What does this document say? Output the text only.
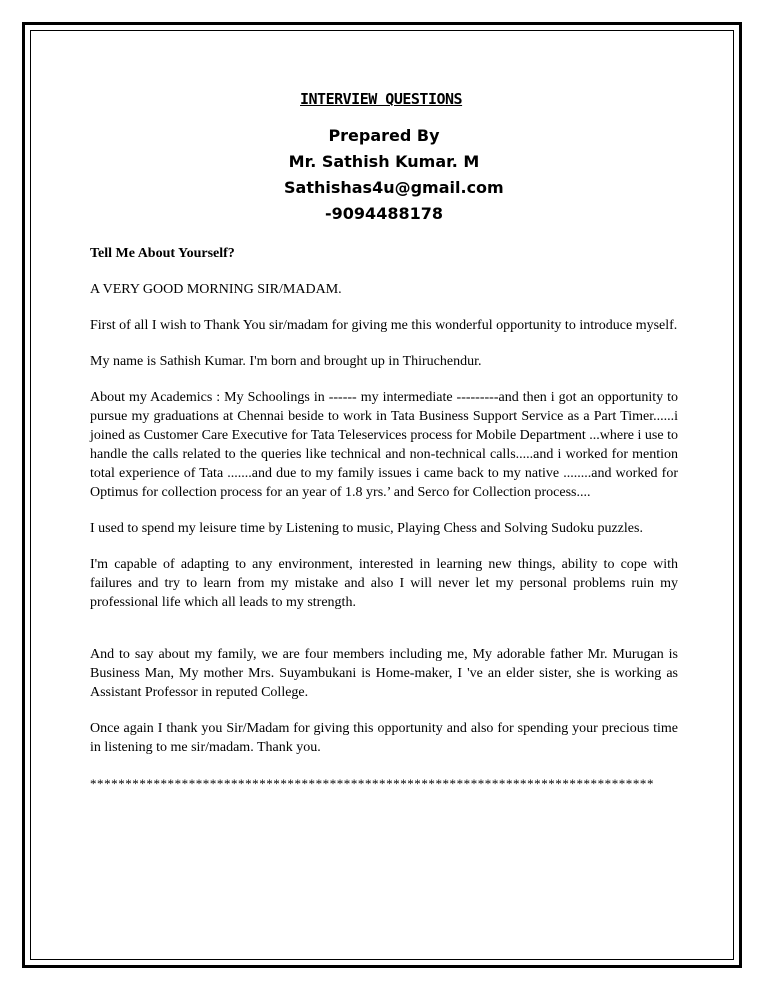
INTERVIEW QUESTIONS
Prepared By
Mr. Sathish Kumar. M
Sathishas4u@gmail.com
-9094488178

Tell Me About Yourself?

A VERY GOOD MORNING SIR/MADAM.

First of all I wish to Thank You sir/madam for giving me this wonderful opportunity to introduce myself.

My name is Sathish Kumar. I'm born and brought up in Thiruchendur.

About my Academics : My Schoolings in ------ my intermediate ---------and then i got an opportunity to pursue my graduations at Chennai beside to work in Tata Business Support Service as a Part Timer......i joined as Customer Care Executive for Tata Teleservices process for Mobile Department ...where i use to handle the calls related to the queries like technical and non-technical calls.....and i worked for mention total experience of Tata .......and due to my family issues i came back to my native ........and worked for Optimus for collection process for an year of 1.8 yrs.’ and Serco for Collection process....

I used to spend my leisure time by Listening to music, Playing Chess and Solving Sudoku puzzles.

I'm capable of adapting to any environment, interested in learning new things, ability to cope with failures and try to learn from my mistake and also I will never let my personal problems ruin my professional life which all leads to my strength.

And to say about my family, we are four members including me, My adorable father Mr. Murugan is Business Man, My mother Mrs. Suyambukani is Home-maker, I 've an elder sister, she is working as Assistant Professor in reputed College.

Once again I thank you Sir/Madam for giving this opportunity and also for spending your precious time in listening to me sir/madam. Thank you.

********************************************************************************
